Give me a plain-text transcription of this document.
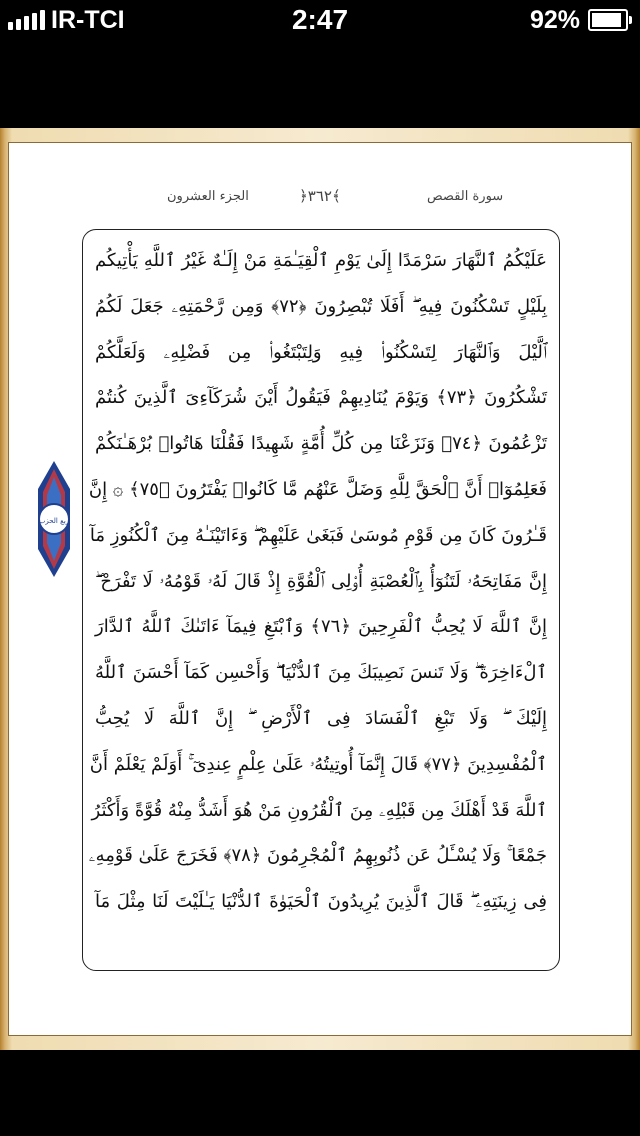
IR-TCI	2:47	92%
الجزء العشرون	﴿٣٦٢﴾	سورة القصص
ربع الحزب
عَلَيْكُمُ ٱلنَّهَارَ سَرْمَدًا إِلَىٰ يَوْمِ ٱلْقِيَـٰمَةِ مَنْ إِلَـٰهٌ غَيْرُ ٱللَّهِ يَأْتِيكُم
بِلَيْلٍ تَسْكُنُونَ فِيهِ ۖ أَفَلَا تُبْصِرُونَ ﴿٧٢﴾ وَمِن رَّحْمَتِهِۦ جَعَلَ لَكُمُ
ٱلَّيْلَ وَٱلنَّهَارَ لِتَسْكُنُوا۟ فِيهِ وَلِتَبْتَغُوا۟ مِن فَضْلِهِۦ وَلَعَلَّكُمْ
تَشْكُرُونَ ﴿٧٣﴾ وَيَوْمَ يُنَادِيهِمْ فَيَقُولُ أَيْنَ شُرَكَآءِىَ ٱلَّذِينَ كُنتُمْ
تَزْعُمُونَ ﴿٧٤﴾ وَنَزَعْنَا مِن كُلِّ أُمَّةٍ شَهِيدًا فَقُلْنَا هَاتُوا۟ بُرْهَـٰنَكُمْ
فَعَلِمُوٓا۟ أَنَّ ٱلْحَقَّ لِلَّهِ وَضَلَّ عَنْهُم مَّا كَانُوا۟ يَفْتَرُونَ ﴿٧٥﴾ ۞ إِنَّ
قَـٰرُونَ كَانَ مِن قَوْمِ مُوسَىٰ فَبَغَىٰ عَلَيْهِمْ ۖ وَءَاتَيْنَـٰهُ مِنَ ٱلْكُنُوزِ مَآ
إِنَّ مَفَاتِحَهُۥ لَتَنُوٓأُ بِٱلْعُصْبَةِ أُو۟لِى ٱلْقُوَّةِ إِذْ قَالَ لَهُۥ قَوْمُهُۥ لَا تَفْرَحْ ۖ
إِنَّ ٱللَّهَ لَا يُحِبُّ ٱلْفَرِحِينَ ﴿٧٦﴾ وَٱبْتَغِ فِيمَآ ءَاتَىٰكَ ٱللَّهُ ٱلدَّارَ
ٱلْءَاخِرَةَ ۖ وَلَا تَنسَ نَصِيبَكَ مِنَ ٱلدُّنْيَا ۖ وَأَحْسِن كَمَآ أَحْسَنَ ٱللَّهُ
إِلَيْكَ ۖ وَلَا تَبْغِ ٱلْفَسَادَ فِى ٱلْأَرْضِ ۖ إِنَّ ٱللَّهَ لَا يُحِبُّ
ٱلْمُفْسِدِينَ ﴿٧٧﴾ قَالَ إِنَّمَآ أُوتِيتُهُۥ عَلَىٰ عِلْمٍ عِندِىٓ ۚ أَوَلَمْ يَعْلَمْ أَنَّ
ٱللَّهَ قَدْ أَهْلَكَ مِن قَبْلِهِۦ مِنَ ٱلْقُرُونِ مَنْ هُوَ أَشَدُّ مِنْهُ قُوَّةً وَأَكْثَرُ
جَمْعًا ۚ وَلَا يُسْـَٔلُ عَن ذُنُوبِهِمُ ٱلْمُجْرِمُونَ ﴿٧٨﴾ فَخَرَجَ عَلَىٰ قَوْمِهِۦ
فِى زِينَتِهِۦ ۖ قَالَ ٱلَّذِينَ يُرِيدُونَ ٱلْحَيَوٰةَ ٱلدُّنْيَا يَـٰلَيْتَ لَنَا مِثْلَ مَآ
